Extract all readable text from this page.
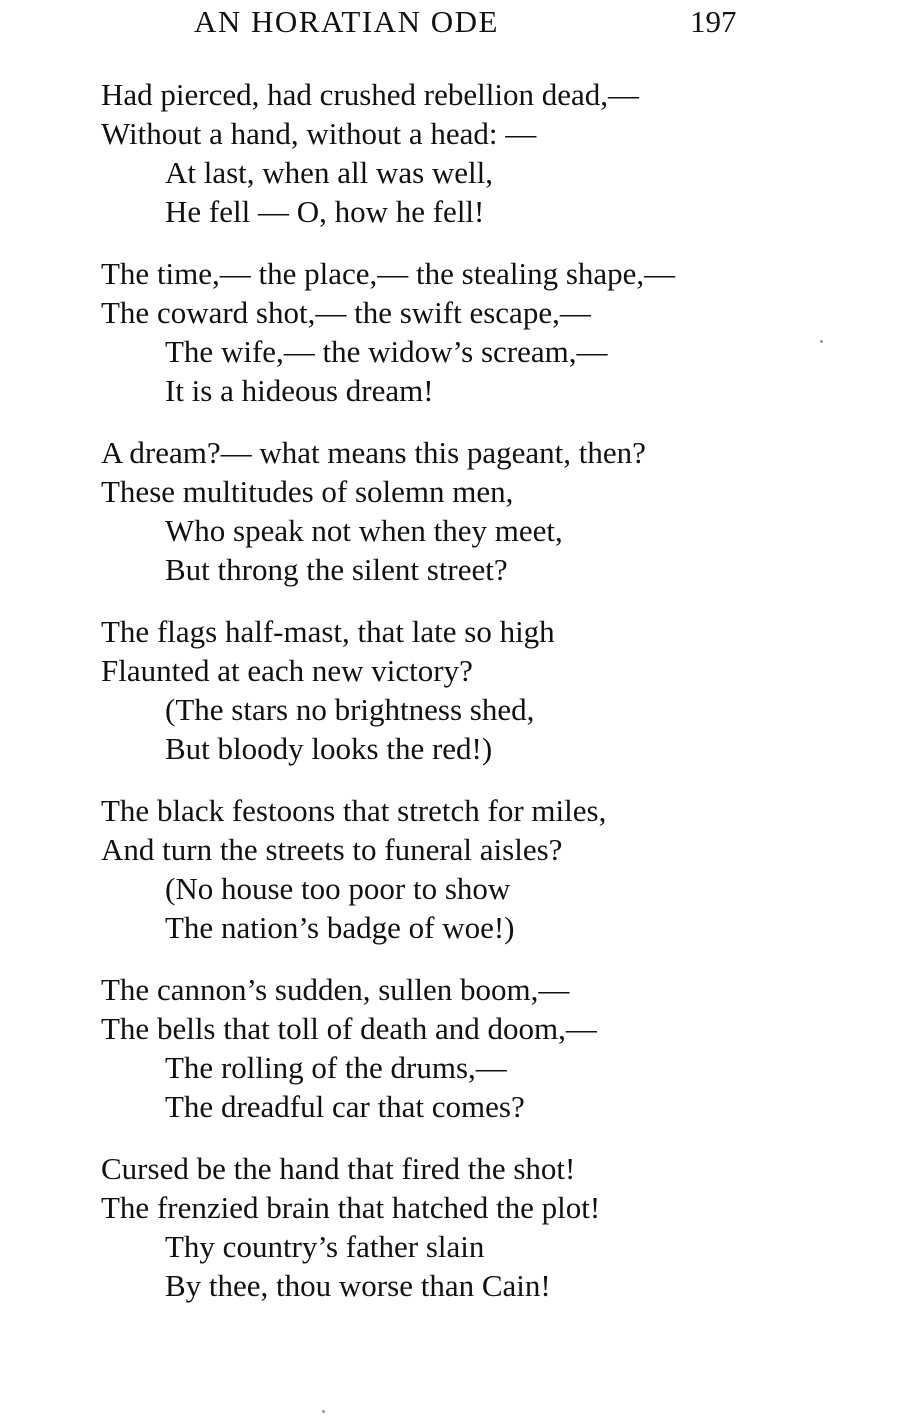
AN HORATIAN ODE	197
Had pierced, had crushed rebellion dead,—
Without a hand, without a head: —
At last, when all was well,
He fell — O, how he fell!
The time,— the place,— the stealing shape,—
The coward shot,— the swift escape,—
The wife,— the widow’s scream,—
It is a hideous dream!
A dream?— what means this pageant, then?
These multitudes of solemn men,
Who speak not when they meet,
But throng the silent street?
The flags half-mast, that late so high
Flaunted at each new victory?
(The stars no brightness shed,
But bloody looks the red!)
The black festoons that stretch for miles,
And turn the streets to funeral aisles?
(No house too poor to show
The nation’s badge of woe!)
The cannon’s sudden, sullen boom,—
The bells that toll of death and doom,—
The rolling of the drums,—
The dreadful car that comes?
Cursed be the hand that fired the shot!
The frenzied brain that hatched the plot!
Thy country’s father slain
By thee, thou worse than Cain!
